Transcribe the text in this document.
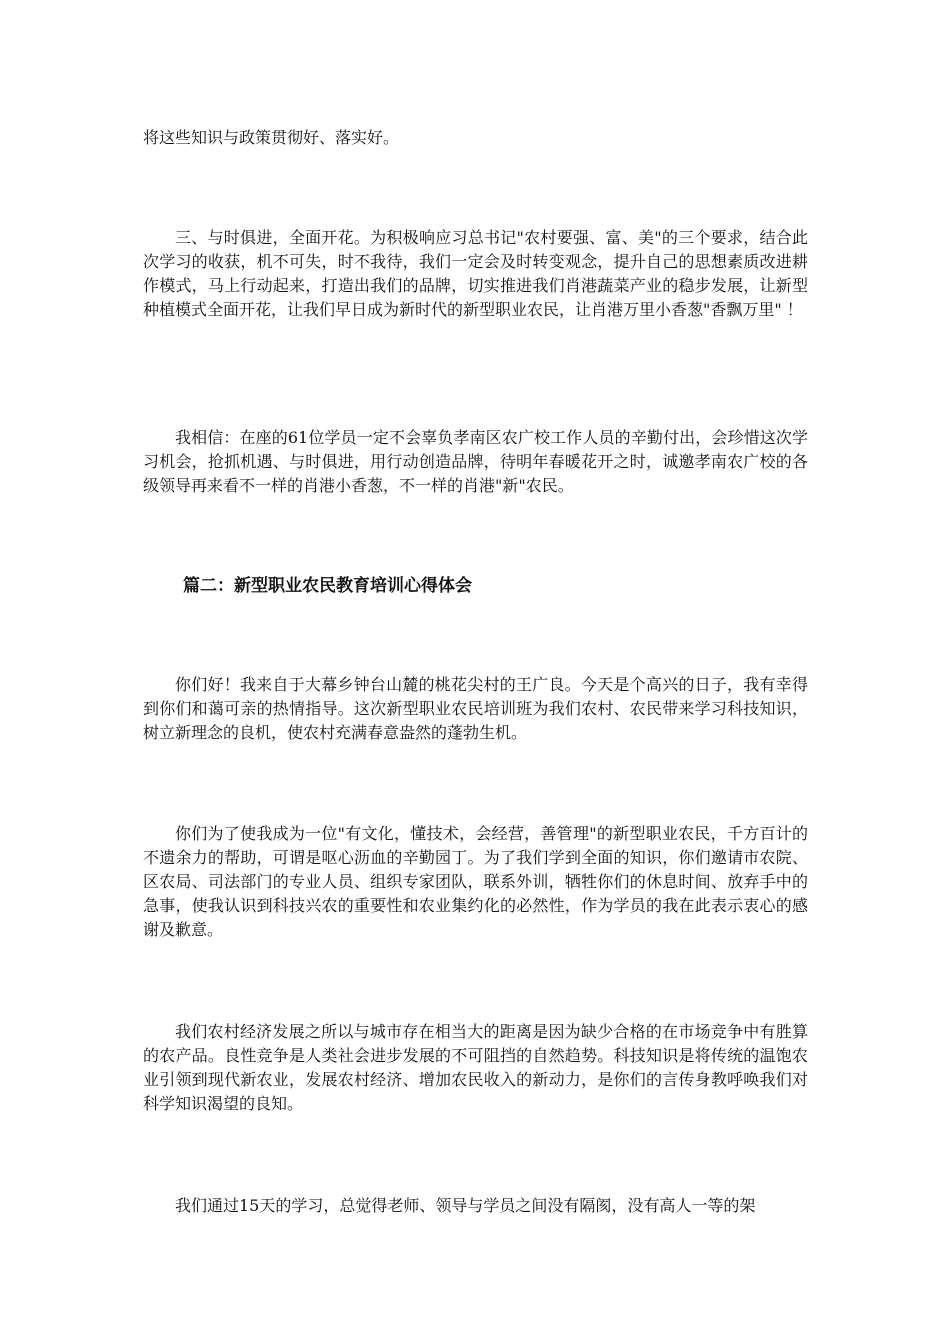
将这些知识与政策贯彻好、落实好。

三、与时俱进，全面开花。为积极响应习总书记"农村要强、富、美"的三个要求，结合此次学习的收获，机不可失，时不我待，我们一定会及时转变观念，提升自己的思想素质改进耕作模式，马上行动起来，打造出我们的品牌，切实推进我们肖港蔬菜产业的稳步发展，让新型种植模式全面开花，让我们早日成为新时代的新型职业农民，让肖港万里小香葱"香飘万里" ！

我相信：在座的61位学员一定不会辜负孝南区农广校工作人员的辛勤付出，会珍惜这次学习机会，抢抓机遇、与时俱进，用行动创造品牌，待明年春暖花开之时，诚邀孝南农广校的各级领导再来看不一样的肖港小香葱，不一样的肖港"新"农民。

篇二：新型职业农民教育培训心得体会

你们好！我来自于大幕乡钟台山麓的桃花尖村的王广良。今天是个高兴的日子，我有幸得到你们和蔼可亲的热情指导。这次新型职业农民培训班为我们农村、农民带来学习科技知识，树立新理念的良机，使农村充满春意盎然的蓬勃生机。

你们为了使我成为一位"有文化，懂技术，会经营，善管理"的新型职业农民，千方百计的不遗余力的帮助，可谓是呕心沥血的辛勤园丁。为了我们学到全面的知识，你们邀请市农院、区农局、司法部门的专业人员、组织专家团队，联系外训，牺牲你们的休息时间、放弃手中的急事，使我认识到科技兴农的重要性和农业集约化的必然性，作为学员的我在此表示衷心的感谢及歉意。

我们农村经济发展之所以与城市存在相当大的距离是因为缺少合格的在市场竞争中有胜算的农产品。良性竞争是人类社会进步发展的不可阻挡的自然趋势。科技知识是将传统的温饱农业引领到现代新农业，发展农村经济、增加农民收入的新动力，是你们的言传身教呼唤我们对科学知识渴望的良知。

我们通过15天的学习，总觉得老师、领导与学员之间没有隔阂，没有高人一等的架
